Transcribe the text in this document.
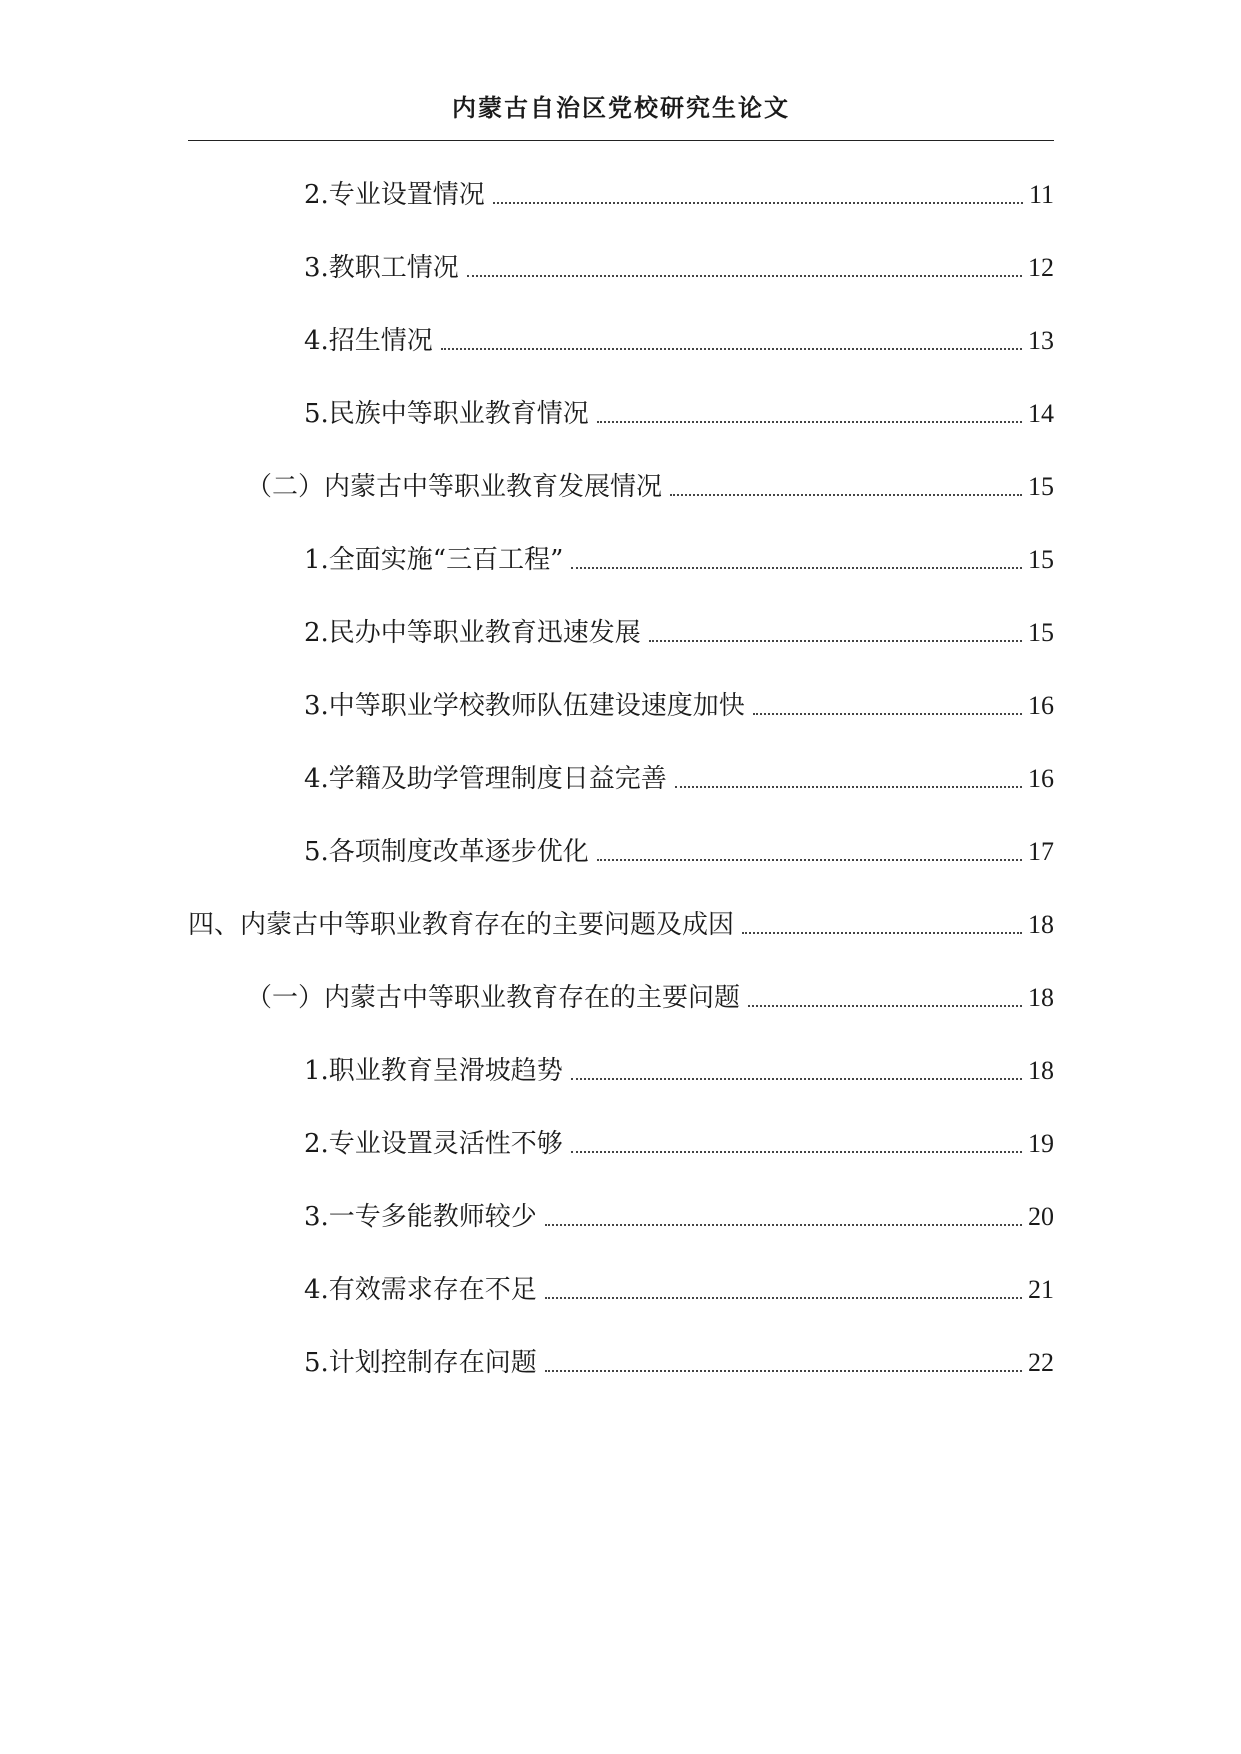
内蒙古自治区党校研究生论文
2.专业设置情况	11
3.教职工情况	12
4.招生情况	13
5.民族中等职业教育情况	14
（二）内蒙古中等职业教育发展情况	15
1.全面实施“三百工程”	15
2.民办中等职业教育迅速发展	15
3.中等职业学校教师队伍建设速度加快	16
4.学籍及助学管理制度日益完善	16
5.各项制度改革逐步优化	17
四、内蒙古中等职业教育存在的主要问题及成因	18
（一）内蒙古中等职业教育存在的主要问题	18
1.职业教育呈滑坡趋势	18
2.专业设置灵活性不够	19
3.一专多能教师较少	20
4.有效需求存在不足	21
5.计划控制存在问题	22
